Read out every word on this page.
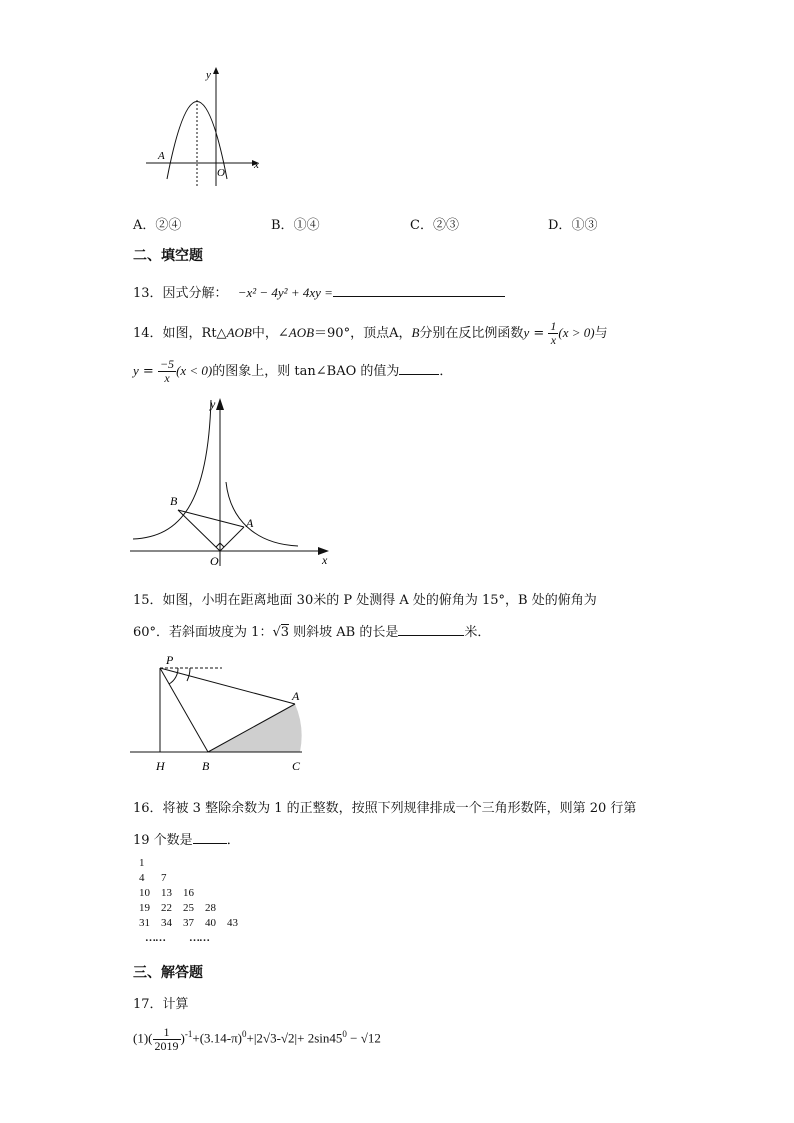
y
x
O
A
A．②④	B．①④	C．②③	D．①③
二、填空题
13．因式分解： −x² − 4y² + 4xy =
14．如图，Rt△AOB中，∠AOB＝90°，顶点A，B分别在反比例函数$y = \frac{1}{x} (x > 0)$与
$y = \frac{-5}{x} (x < 0)$的图象上，则 tan∠BAO 的值为	．
y
x
B
A
O
15．如图，小明在距离地面 30米的 P 处测得 A 处的俯角为 15°，B 处的俯角为
60°．若斜面坡度为 1：√3 则斜坡 AB 的长是	米．
P
A
H	B	C
16．将被 3 整除余数为 1 的正整数，按照下列规律排成一个三角形数阵，则第 20 行第
19 个数是	．
1
4 7
10 13 16
19 22 25 28
31 34 37 40 43
…… ……
三、解答题
17．计算
$(1)( \frac{1}{2019} )^{-1}+(3.14-\pi)^0+|2√3-√2|+ 2\sin 45^0 - √12$
